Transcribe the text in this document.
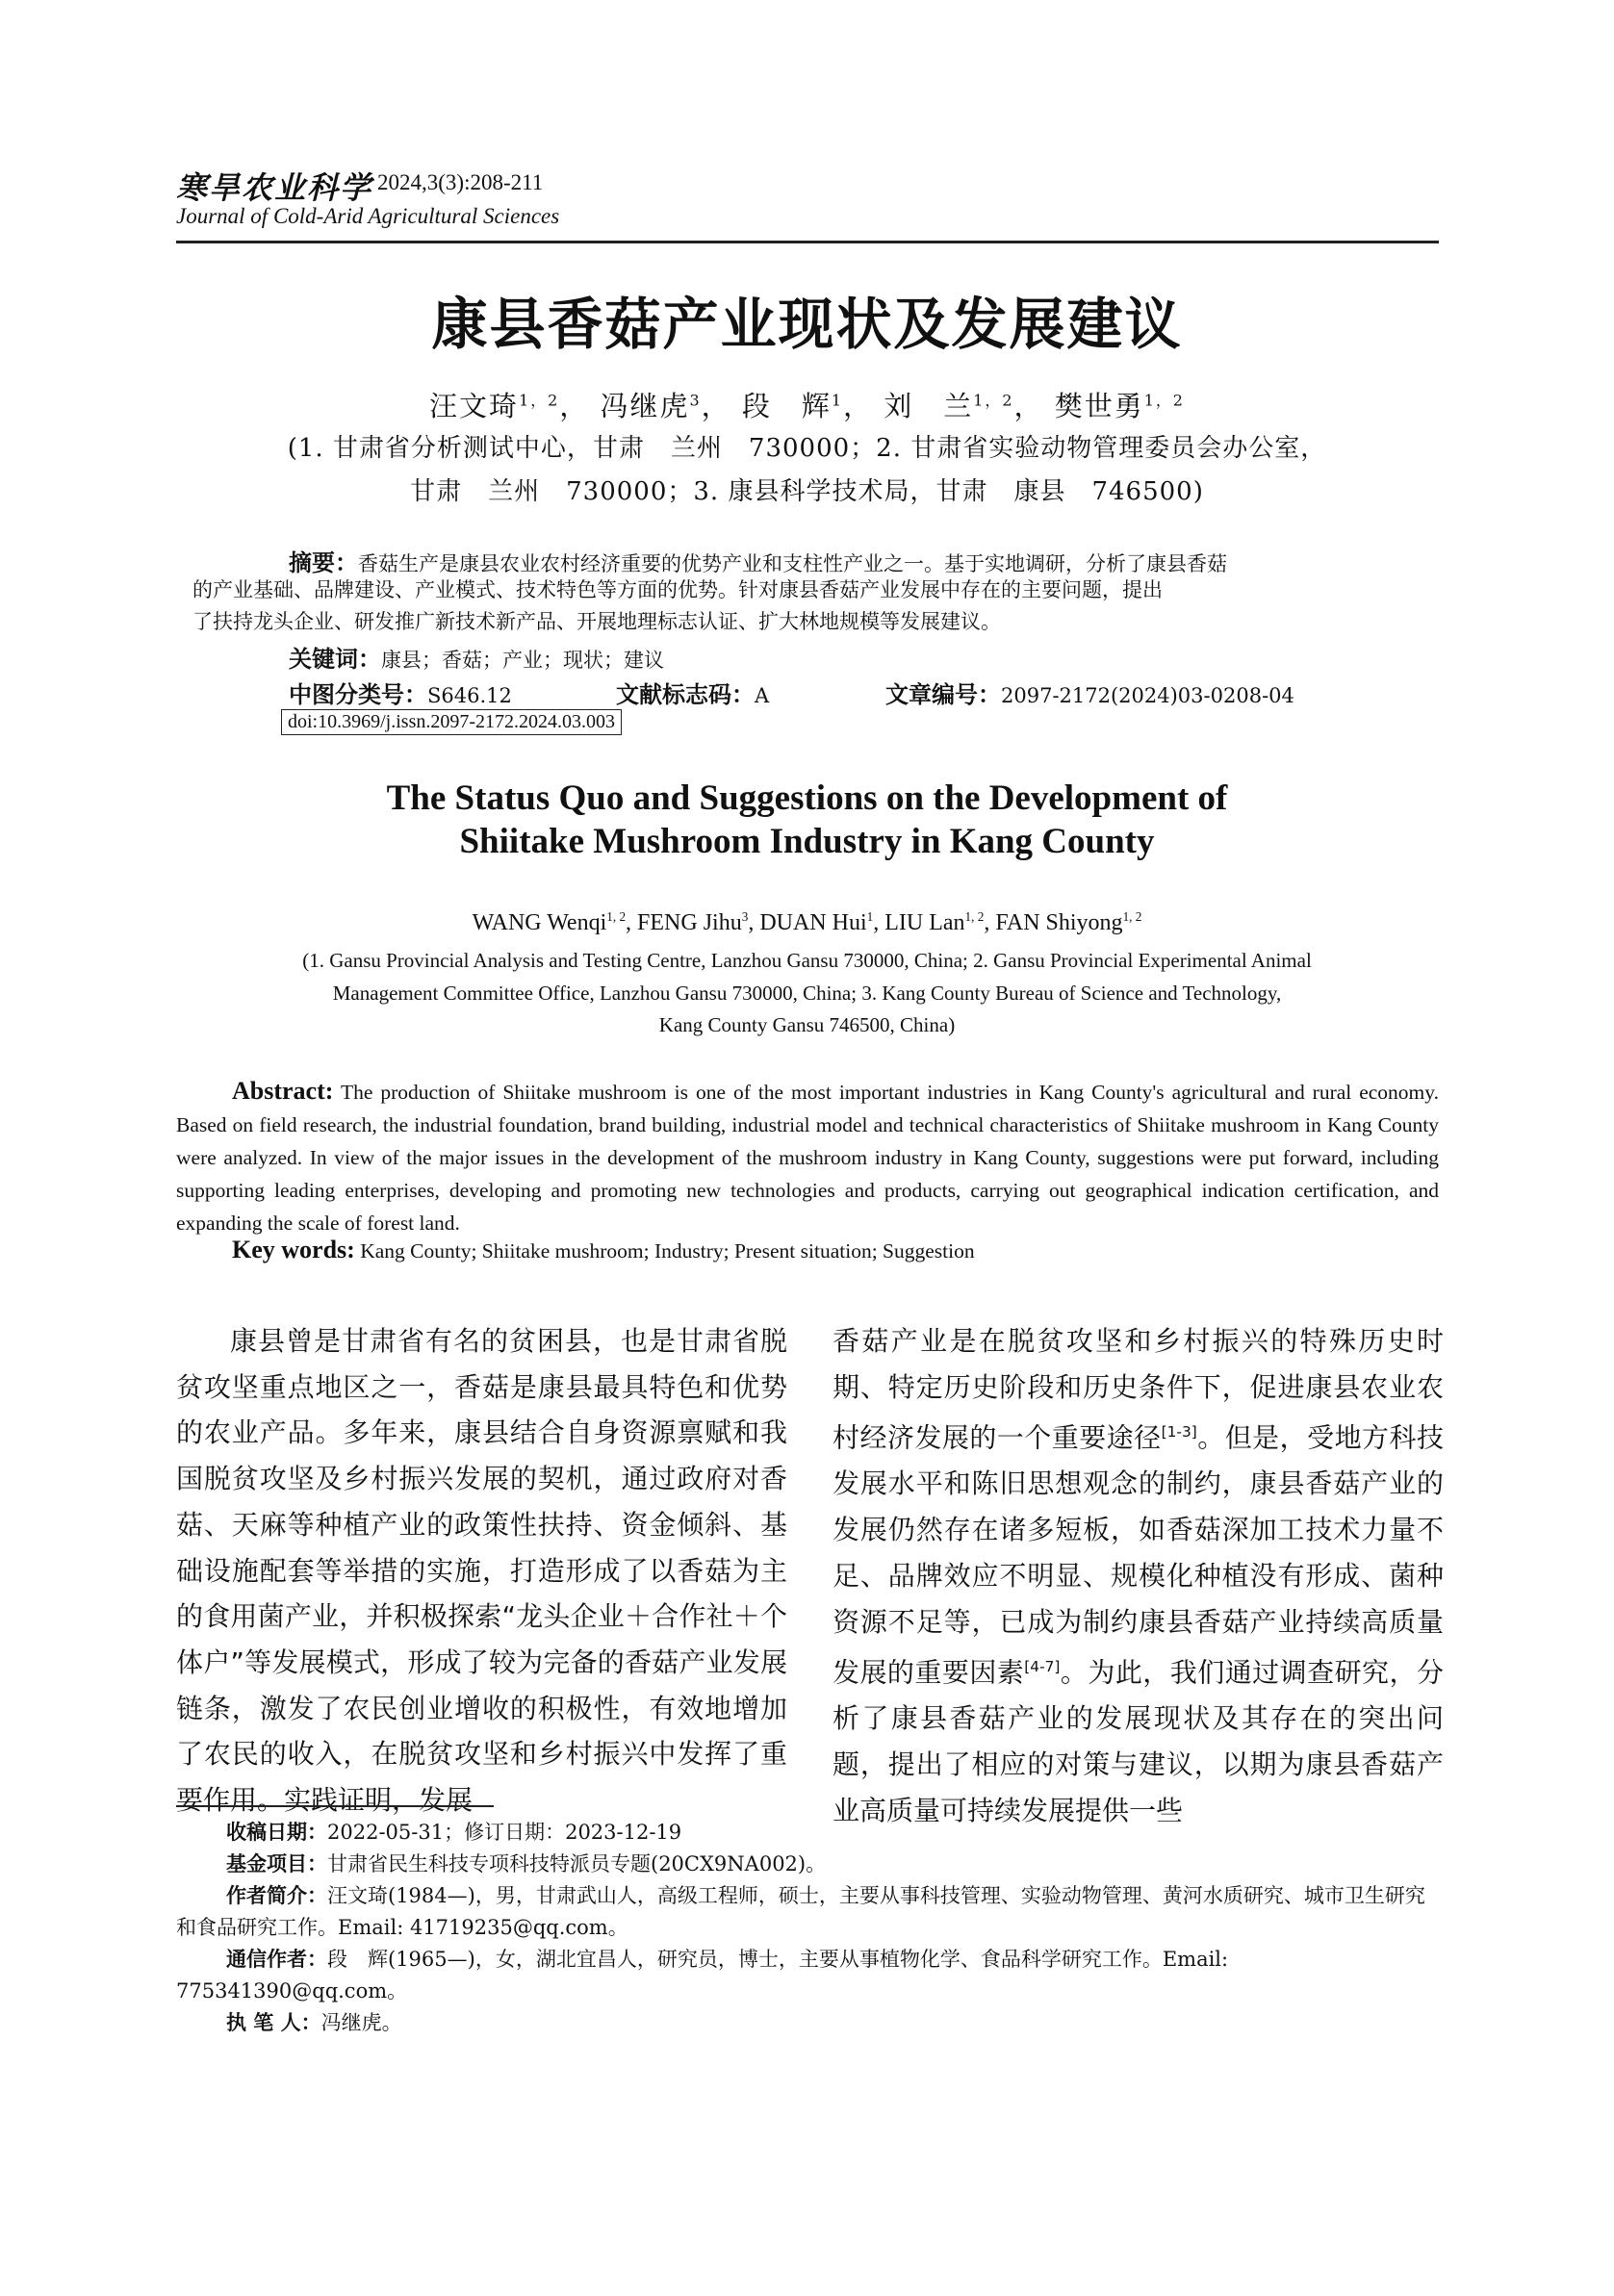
寒旱农业科学 2024,3(3):208-211
Journal of Cold-Arid Agricultural Sciences
康县香菇产业现状及发展建议
汪文琦$^{1,2}$， 冯继虎$^3$， 段　辉$^1$， 刘　兰$^{1,2}$， 樊世勇$^{1,2}$
(1. 甘肃省分析测试中心，甘肃　兰州　730000；2. 甘肃省实验动物管理委员会办公室，
甘肃　兰州　730000；3. 康县科学技术局，甘肃　康县　746500)
摘要：香菇生产是康县农业农村经济重要的优势产业和支柱性产业之一。基于实地调研，分析了康县香菇
的产业基础、品牌建设、产业模式、技术特色等方面的优势。针对康县香菇产业发展中存在的主要问题，提出
了扶持龙头企业、研发推广新技术新产品、开展地理标志认证、扩大林地规模等发展建议。
关键词：康县；香菇；产业；现状；建议
中图分类号：S646.12	文献标志码：A	文章编号：2097-2172(2024)03-0208-04
doi:10.3969/j.issn.2097-2172.2024.03.003
The Status Quo and Suggestions on the Development of
Shiitake Mushroom Industry in Kang County
WANG Wenqi$^{1, 2}$, FENG Jihu$^3$, DUAN Hui$^1$, LIU Lan$^{1, 2}$, FAN Shiyong$^{1, 2}$
(1. Gansu Provincial Analysis and Testing Centre, Lanzhou Gansu 730000, China; 2. Gansu Provincial Experimental Animal
Management Committee Office, Lanzhou Gansu 730000, China; 3. Kang County Bureau of Science and Technology,
Kang County Gansu 746500, China)
Abstract: The production of Shiitake mushroom is one of the most important industries in Kang County's agricultural and rural economy. Based on field research, the industrial foundation, brand building, industrial model and technical characteristics of Shiitake mushroom in Kang County were analyzed. In view of the major issues in the development of the mushroom industry in Kang County, suggestions were put forward, including supporting leading enterprises, developing and promoting new technologies and products, carrying out geographical indication certification, and expanding the scale of forest land.
Key words: Kang County; Shiitake mushroom; Industry; Present situation; Suggestion
康县曾是甘肃省有名的贫困县，也是甘肃省脱贫攻坚重点地区之一，香菇是康县最具特色和优势的农业产品。多年来，康县结合自身资源禀赋和我国脱贫攻坚及乡村振兴发展的契机，通过政府对香菇、天麻等种植产业的政策性扶持、资金倾斜、基础设施配套等举措的实施，打造形成了以香菇为主的食用菌产业，并积极探索“龙头企业＋合作社＋个体户”等发展模式，形成了较为完备的香菇产业发展链条，激发了农民创业增收的积极性，有效地增加了农民的收入，在脱贫攻坚和乡村振兴中发挥了重要作用。实践证明，发展
香菇产业是在脱贫攻坚和乡村振兴的特殊历史时期、特定历史阶段和历史条件下，促进康县农业农村经济发展的一个重要途径[1-3]。但是，受地方科技发展水平和陈旧思想观念的制约，康县香菇产业的发展仍然存在诸多短板，如香菇深加工技术力量不足、品牌效应不明显、规模化种植没有形成、菌种资源不足等，已成为制约康县香菇产业持续高质量发展的重要因素[4-7]。为此，我们通过调查研究，分析了康县香菇产业的发展现状及其存在的突出问题，提出了相应的对策与建议，以期为康县香菇产业高质量可持续发展提供一些
收稿日期：2022-05-31；修订日期：2023-12-19
基金项目：甘肃省民生科技专项科技特派员专题(20CX9NA002)。
作者简介：汪文琦(1984—)，男，甘肃武山人，高级工程师，硕士，主要从事科技管理、实验动物管理、黄河水质研究、城市卫生研究和食品研究工作。Email: 41719235@qq.com。
通信作者：段　辉(1965—)，女，湖北宜昌人，研究员，博士，主要从事植物化学、食品科学研究工作。Email: 775341390@qq.com。
执 笔 人：冯继虎。
